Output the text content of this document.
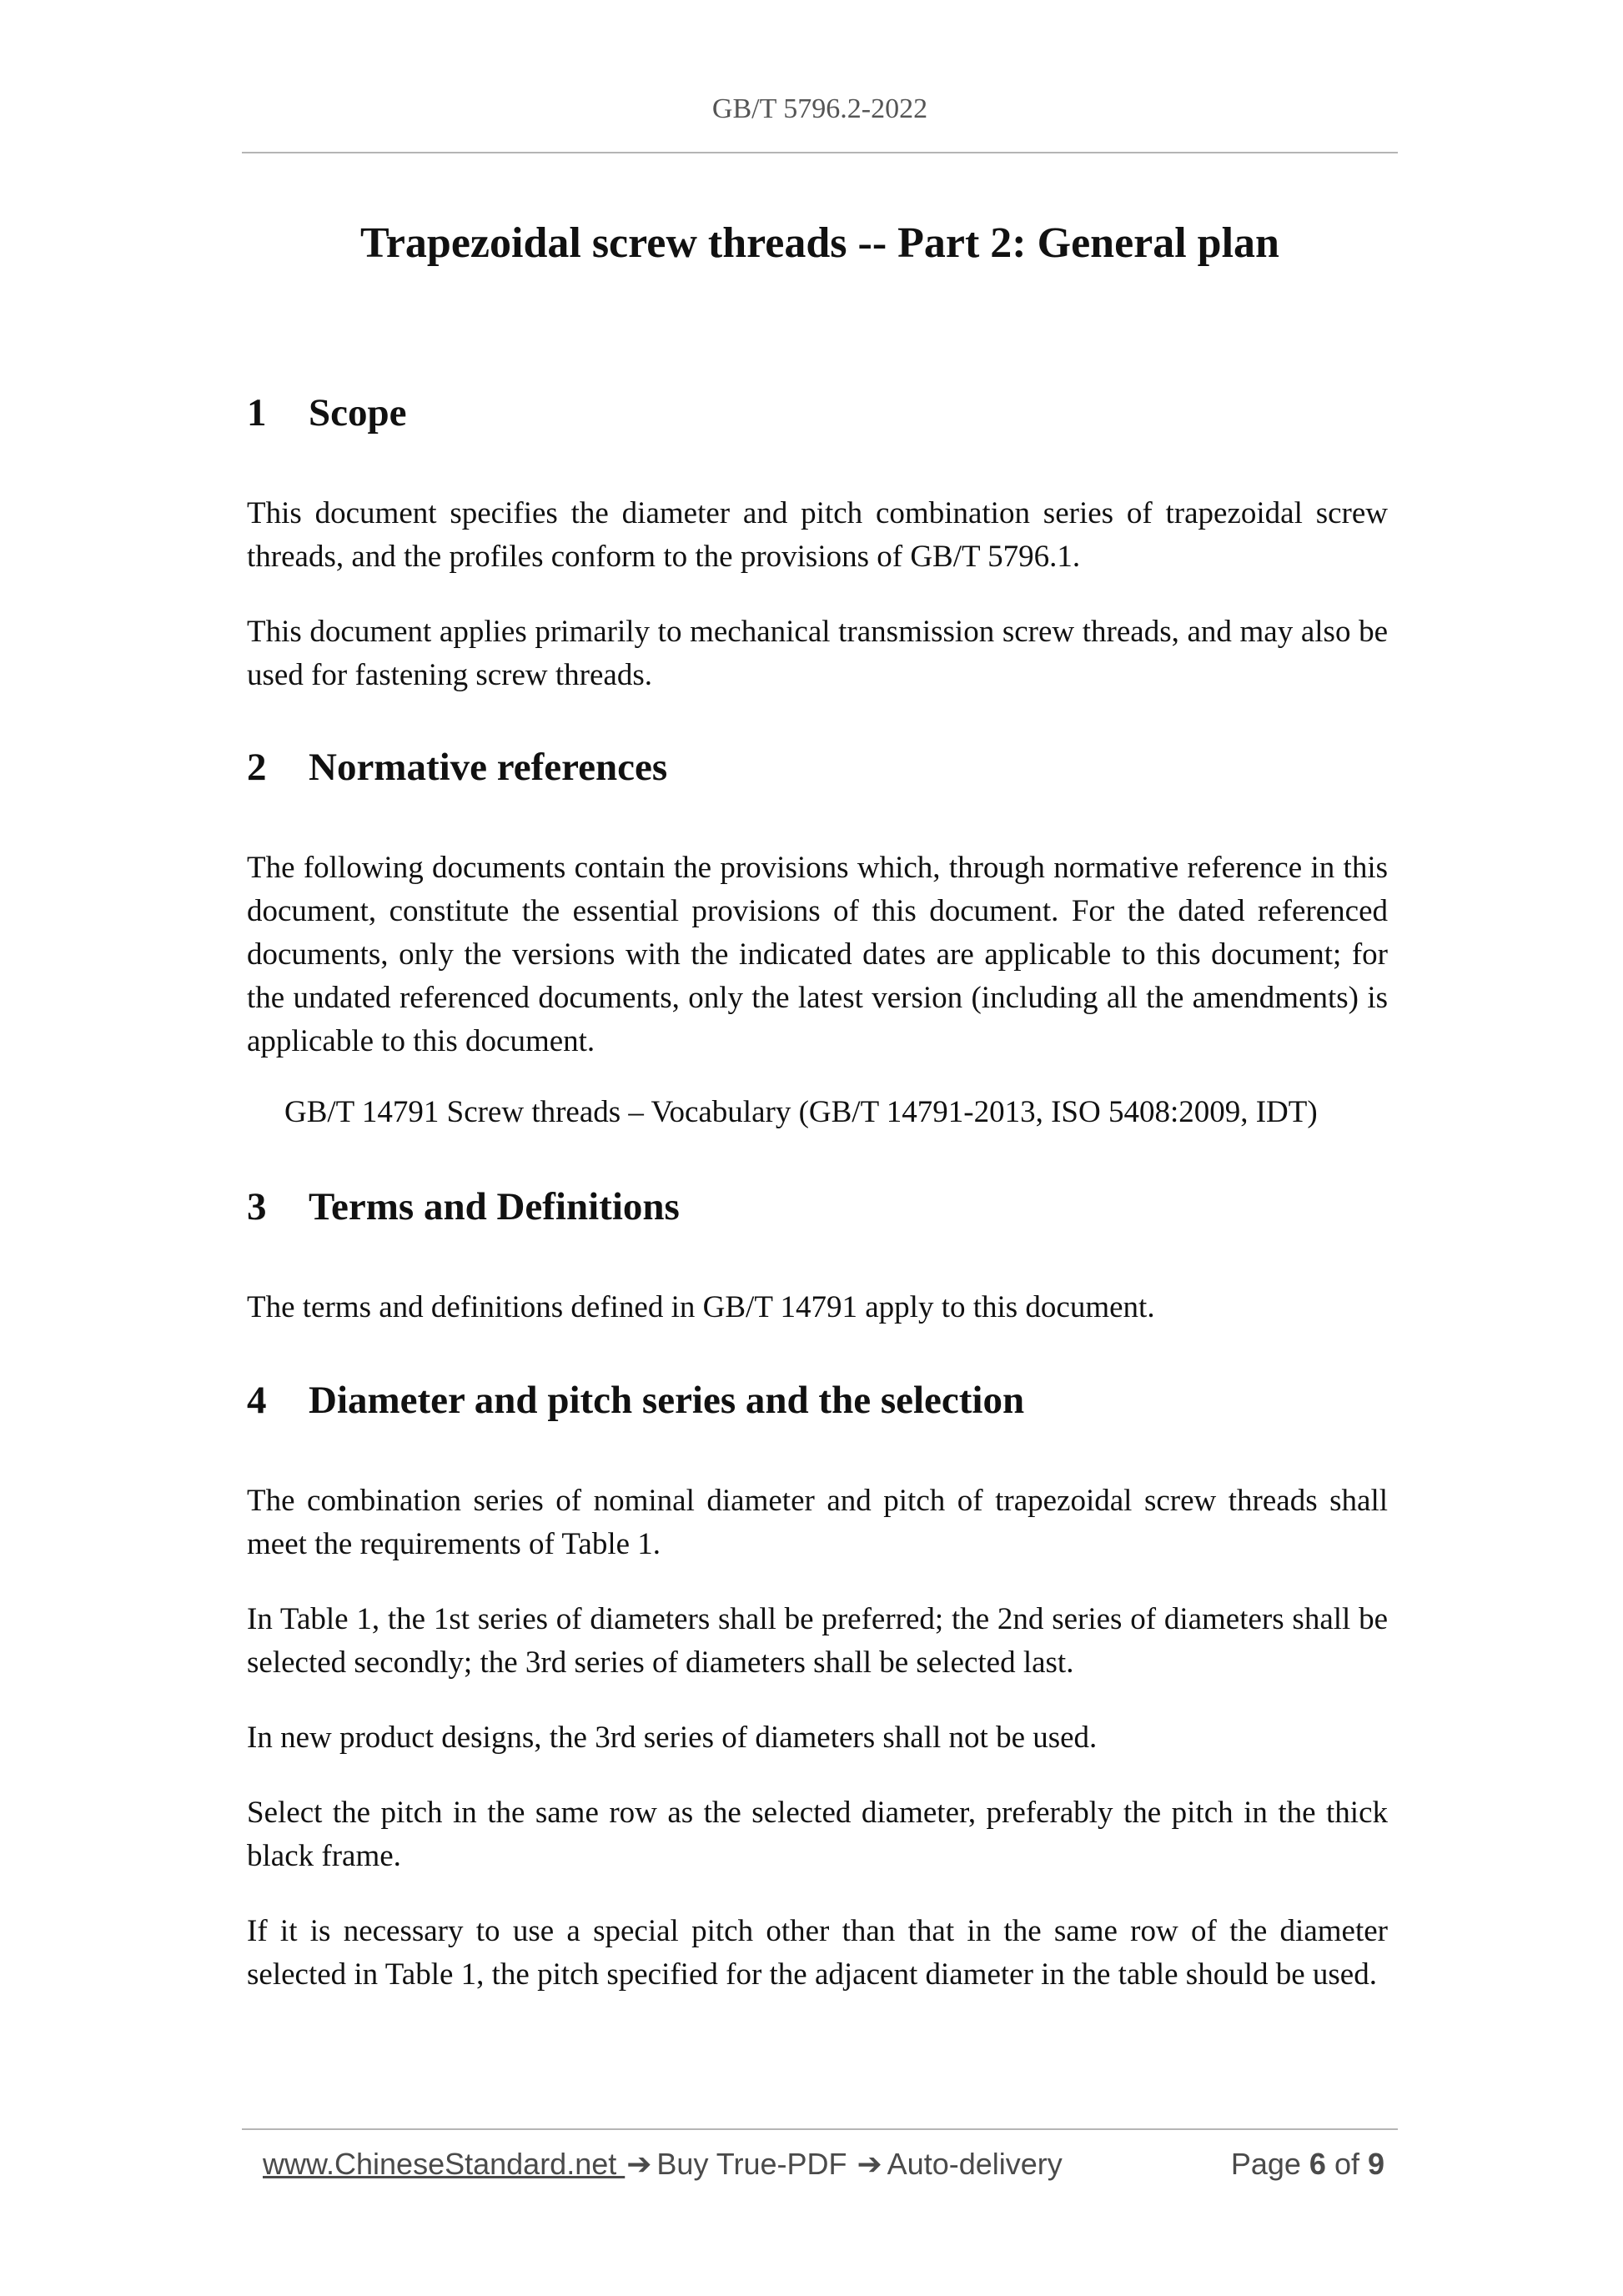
GB/T 5796.2-2022
Trapezoidal screw threads -- Part 2: General plan
1 Scope

This document specifies the diameter and pitch combination series of trapezoidal screw threads, and the profiles conform to the provisions of GB/T 5796.1.

This document applies primarily to mechanical transmission screw threads, and may also be used for fastening screw threads.

2 Normative references

The following documents contain the provisions which, through normative reference in this document, constitute the essential provisions of this document. For the dated referenced documents, only the versions with the indicated dates are applicable to this document; for the undated referenced documents, only the latest version (including all the amendments) is applicable to this document.

GB/T 14791 Screw threads – Vocabulary (GB/T 14791-2013, ISO 5408:2009, IDT)

3 Terms and Definitions

The terms and definitions defined in GB/T 14791 apply to this document.

4 Diameter and pitch series and the selection

The combination series of nominal diameter and pitch of trapezoidal screw threads shall meet the requirements of Table 1.

In Table 1, the 1st series of diameters shall be preferred; the 2nd series of diameters shall be selected secondly; the 3rd series of diameters shall be selected last.

In new product designs, the 3rd series of diameters shall not be used.

Select the pitch in the same row as the selected diameter, preferably the pitch in the thick black frame.

If it is necessary to use a special pitch other than that in the same row of the diameter selected in Table 1, the pitch specified for the adjacent diameter in the table should be used.

www.ChineseStandard.net ➔ Buy True-PDF ➔ Auto-delivery	Page 6 of 9
